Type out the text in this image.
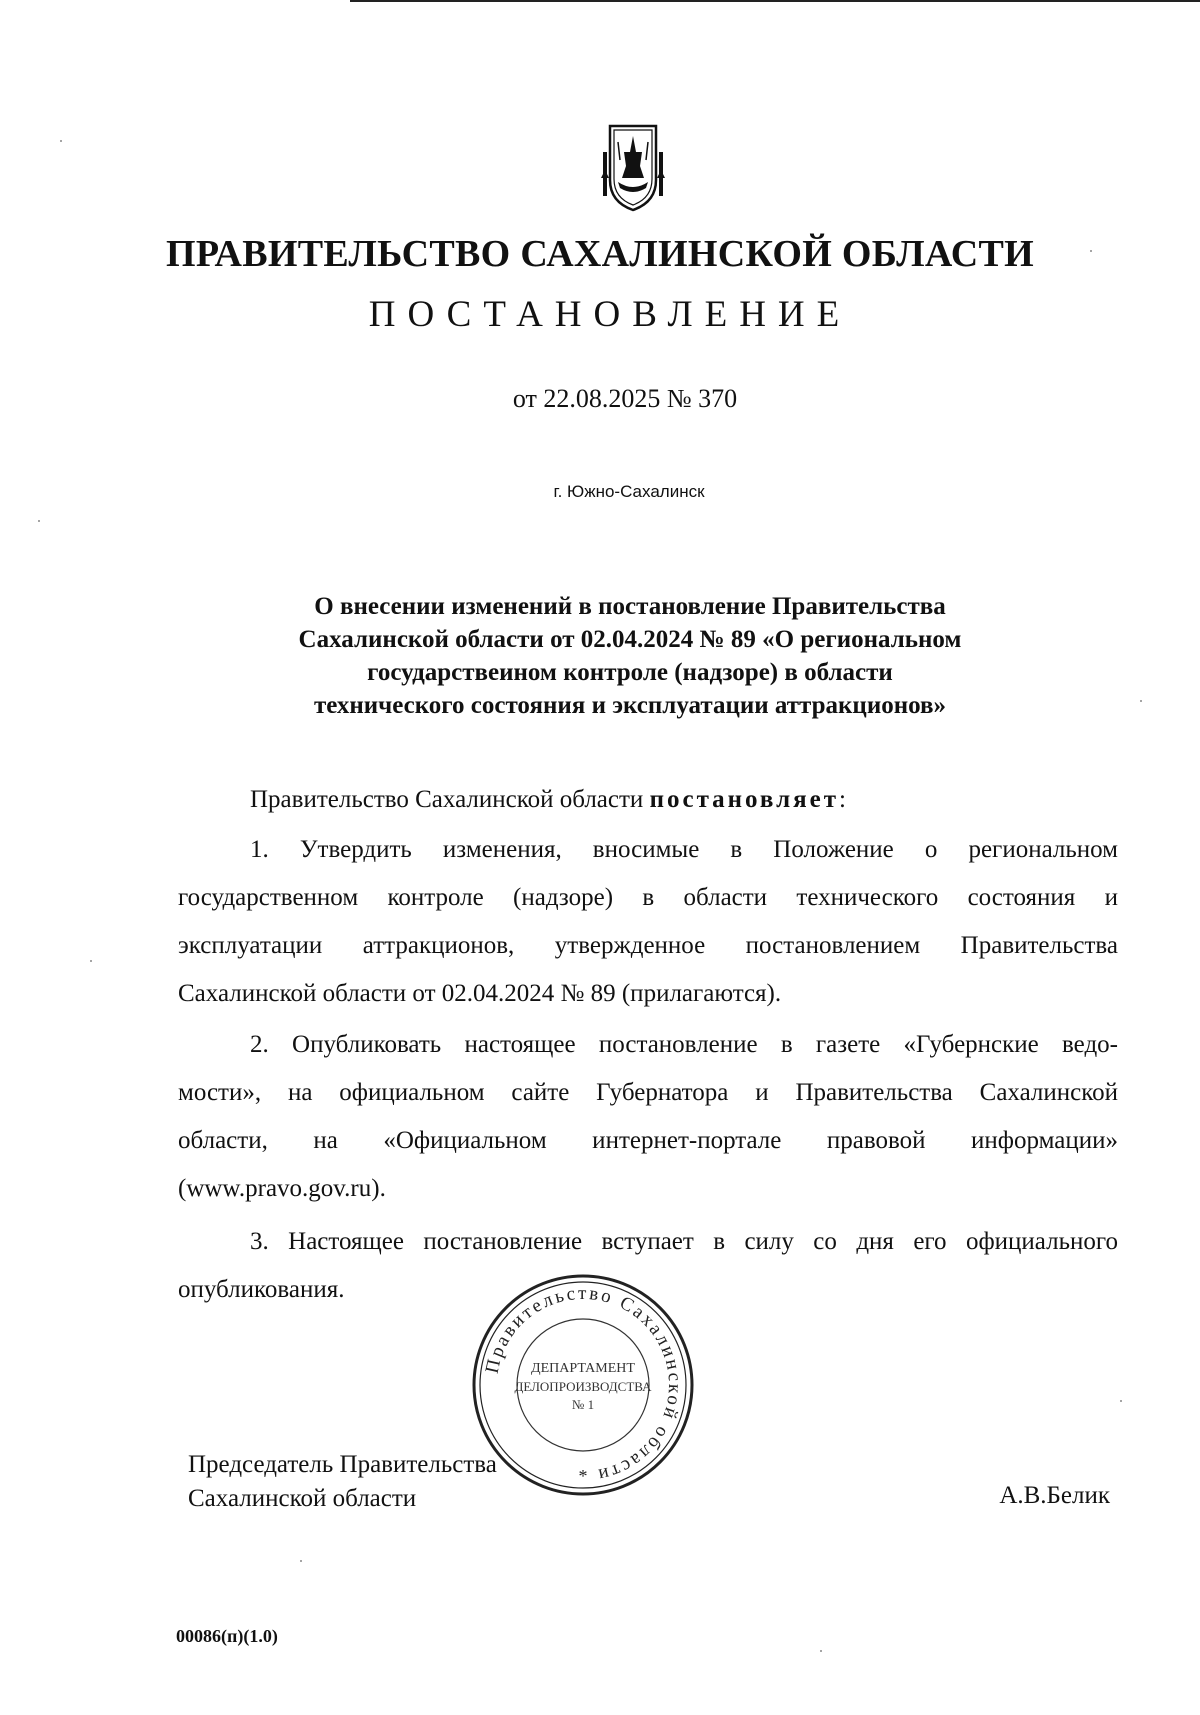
ПРАВИТЕЛЬСТВО САХАЛИНСКОЙ ОБЛАСТИ
ПОСТАНОВЛЕНИЕ
от 22.08.2025 № 370
г. Южно-Сахалинск
О внесении изменений в постановление Правительства
Сахалинской области от 02.04.2024 № 89 «О региональном
государствеином контроле (надзоре) в области
технического состояния и эксплуатации аттракционов»
Правительство Сахалинской области постановляет:
1. Утвердить изменения, вносимые в Положение о региональном
государственном контроле (надзоре) в области технического состояния и
эксплуатации аттракционов, утвержденное постановлением Правительства
Сахалинской области от 02.04.2024 № 89 (прилагаются).
2. Опубликовать настоящее постановление в газете «Губернские ведо-
мости», на официальном сайте Губернатора и Правительства Сахалинской
области, на «Официальном интернет-портале правовой информации»
(www.pravo.gov.ru).
3. Настоящее постановление вступает в силу со дня его официального
опубликования.
Правительство Сахалинской области
ДЕПАРТАМЕНТ
ДЕЛОПРОИЗВОДСТВА
№ 1
*
Председатель Правительства
Сахалинской области	А.В.Белик
00086(п)(1.0)
